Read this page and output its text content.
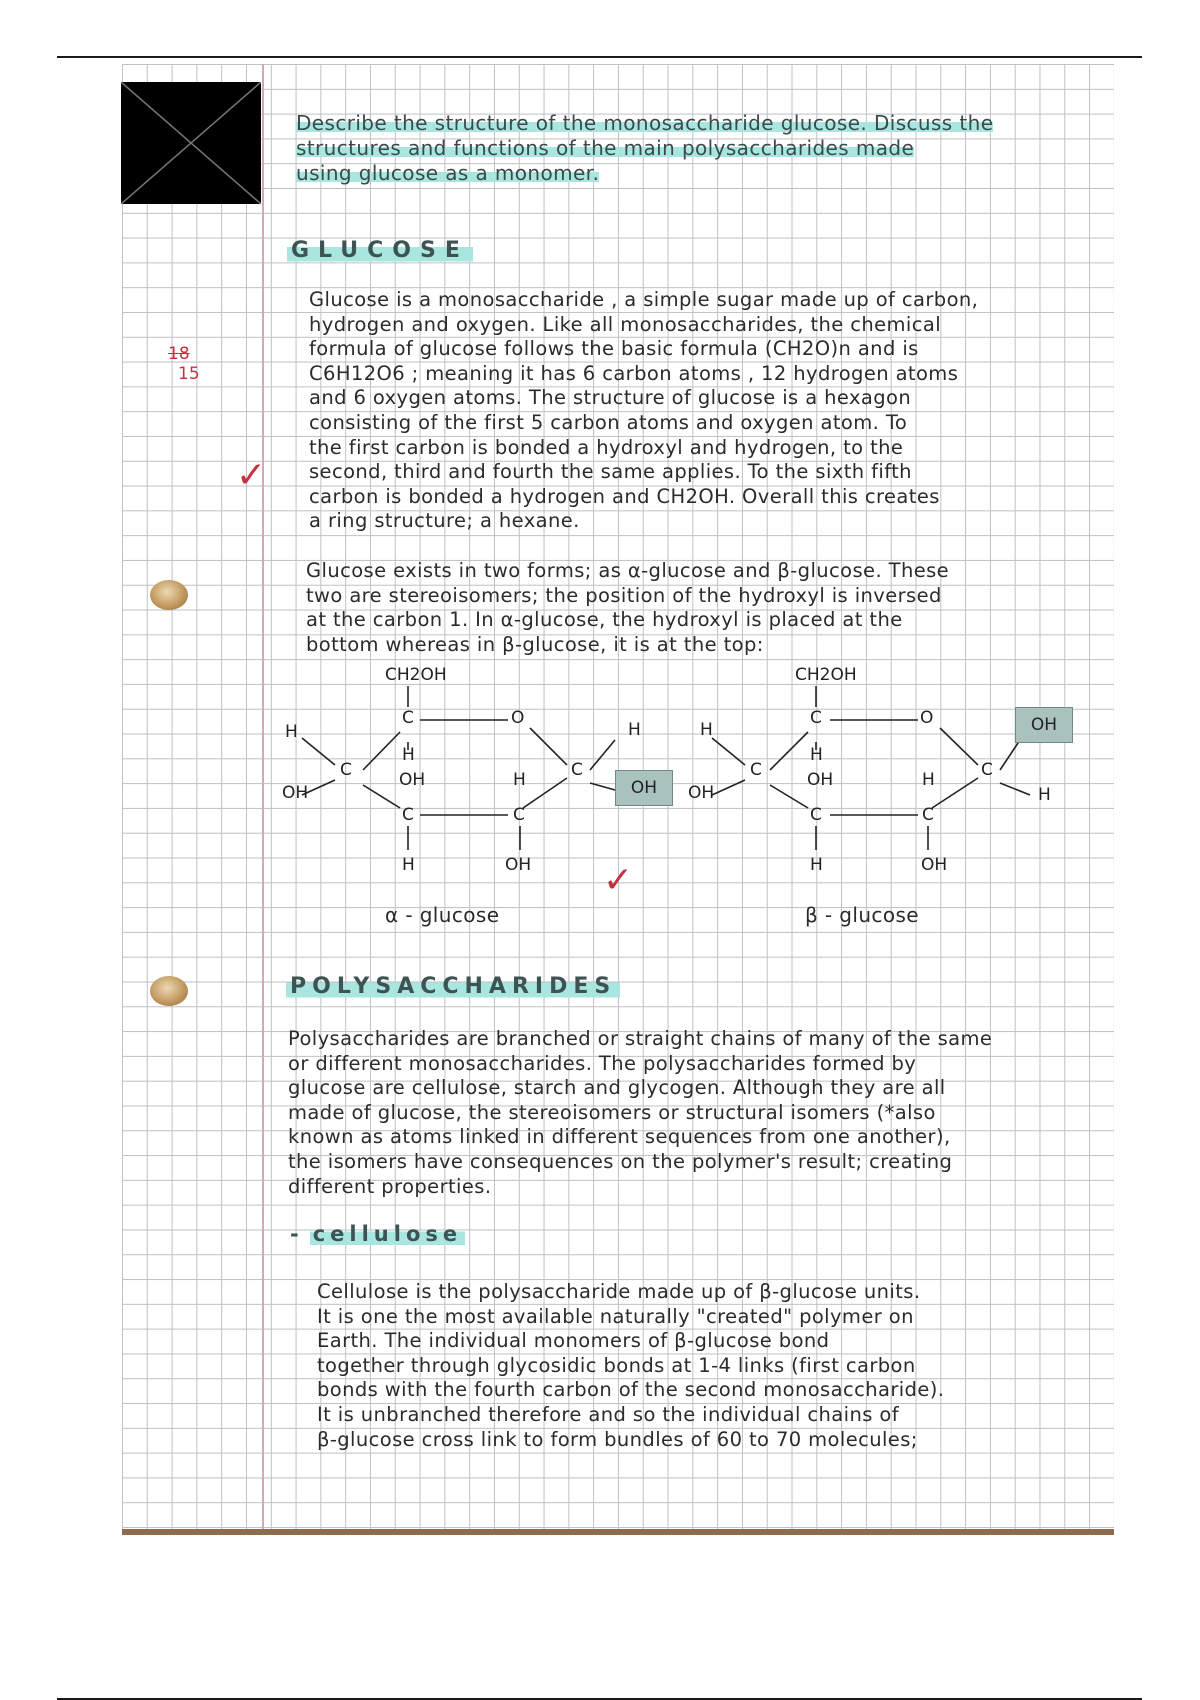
18
15
✓
✓
Describe the structure of the monosaccharide glucose. Discuss the
structures and functions of the main polysaccharides made
using glucose as a monomer.
GLUCOSE
Glucose is a monosaccharide , a simple sugar made up of carbon,
hydrogen and oxygen. Like all monosaccharides, the chemical
formula of glucose follows the basic formula (CH2O)n and is
C6H12O6 ; meaning it has 6 carbon atoms , 12 hydrogen atoms
and 6 oxygen atoms. The structure of glucose is a hexagon
consisting of the first 5 carbon atoms and oxygen atom. To
the first carbon is bonded a hydroxyl and hydrogen, to the
second, third and fourth the same applies. To the sixth fifth
carbon is bonded a hydrogen and CH2OH. Overall this creates
a ring structure; a hexane.
Glucose exists in two forms; as α-glucose and β-glucose. These
two are stereoisomers; the position of the hydroxyl is inversed
at the carbon 1. In α-glucose, the hydroxyl is placed at the
bottom whereas in β-glucose, it is at the top:
CH2OH
C	O
H
C
OH
H
OH
C
H
H
C
OH
C
H
OH
CH2OH
C	O
H
C
OH
H
OH
C
H
H
C
OH
C
OH
H
α - glucose	β - glucose
POLYSACCHARIDES
Polysaccharides are branched or straight chains of many of the same
or different monosaccharides. The polysaccharides formed by
glucose are cellulose, starch and glycogen. Although they are all
made of glucose, the stereoisomers or structural isomers (*also
known as atoms linked in different sequences from one another),
the isomers have consequences on the polymer's result; creating
different properties.
- cellulose
Cellulose is the polysaccharide made up of β-glucose units.
It is one the most available naturally "created" polymer on
Earth. The individual monomers of β-glucose bond
together through glycosidic bonds at 1-4 links (first carbon
bonds with the fourth carbon of the second monosaccharide).
It is unbranched therefore and so the individual chains of
β-glucose cross link to form bundles of 60 to 70 molecules;
